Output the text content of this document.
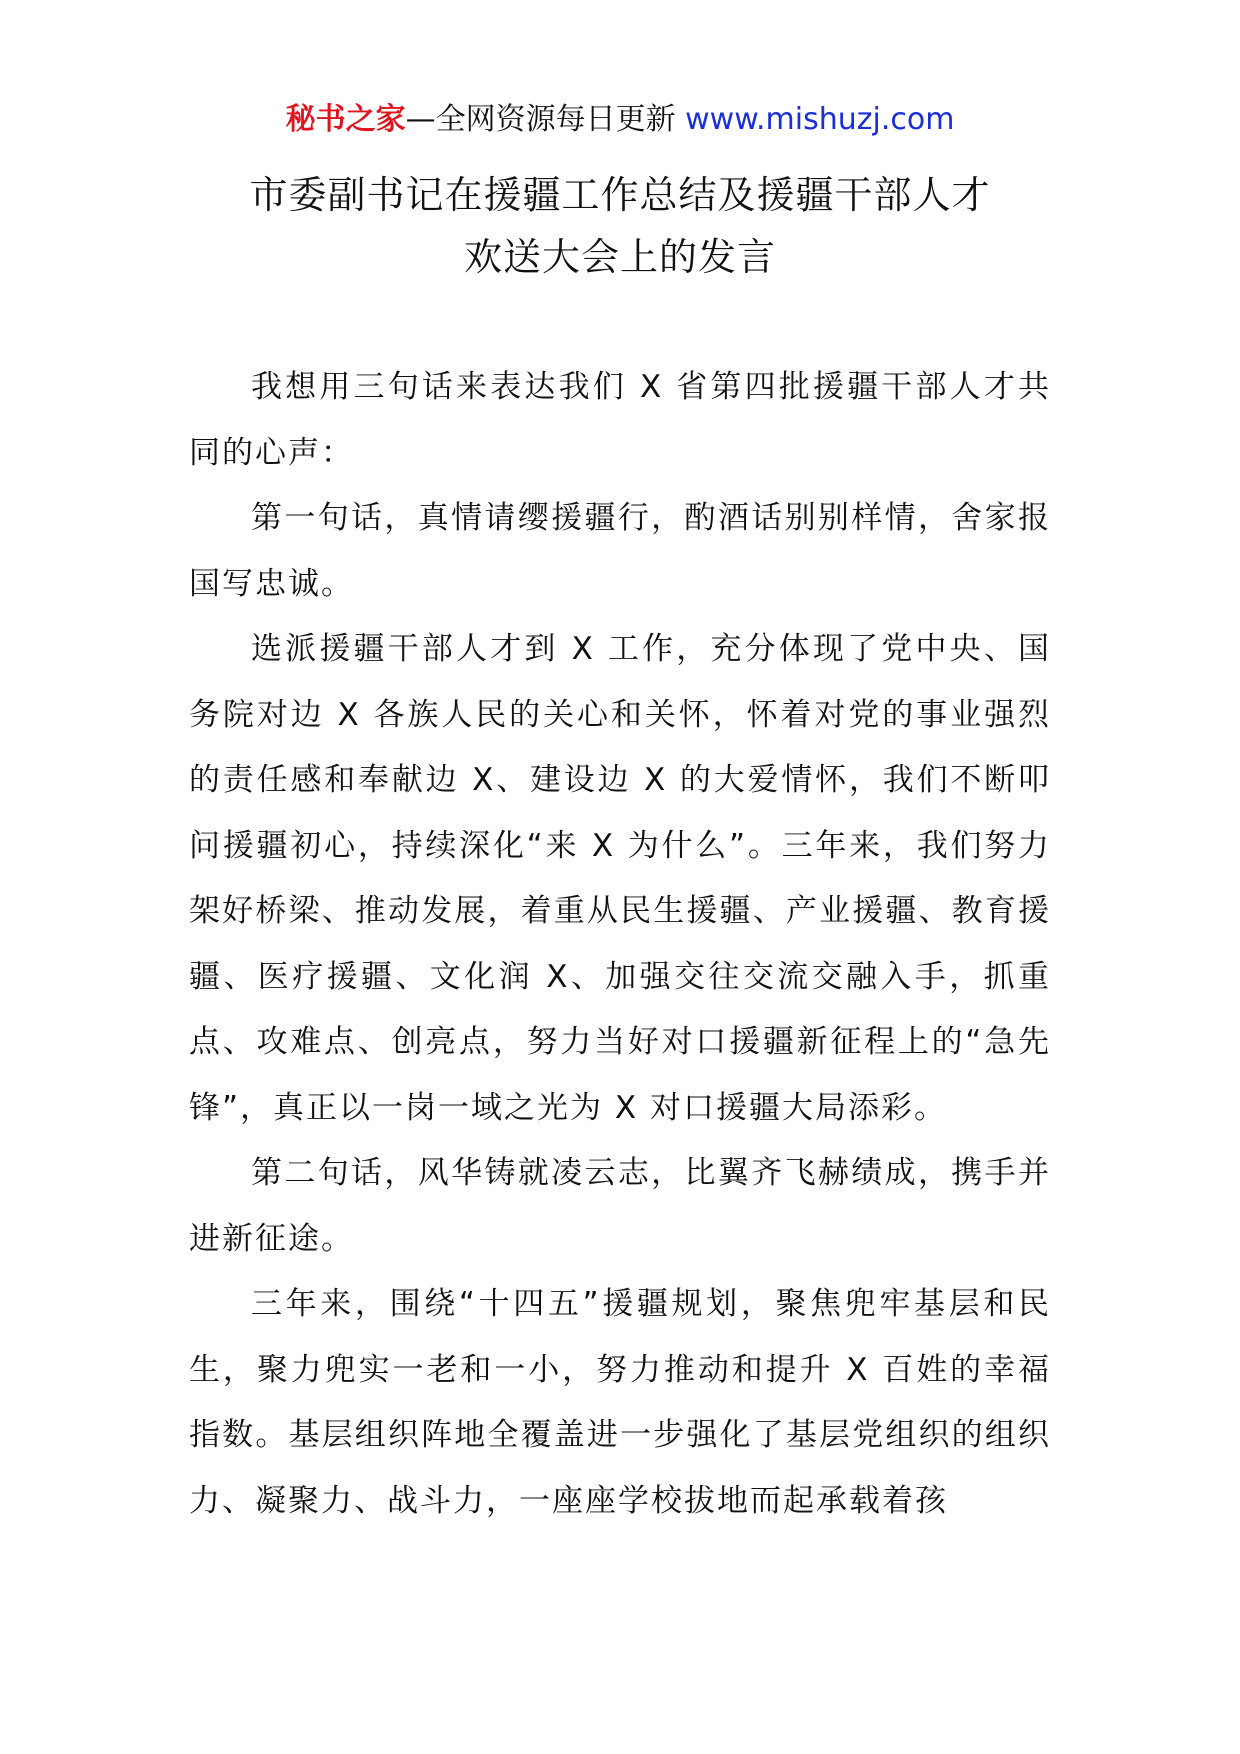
秘书之家—全网资源每日更新 www.mishuzj.com
市委副书记在援疆工作总结及援疆干部人才
欢送大会上的发言

我想用三句话来表达我们 X 省第四批援疆干部人才共同的心声：

第一句话，真情请缨援疆行，酌酒话别别样情，舍家报国写忠诚。

选派援疆干部人才到 X 工作，充分体现了党中央、国务院对边 X 各族人民的关心和关怀，怀着对党的事业强烈的责任感和奉献边 X、建设边 X 的大爱情怀，我们不断叩问援疆初心，持续深化“来 X 为什么”。三年来，我们努力架好桥梁、推动发展，着重从民生援疆、产业援疆、教育援疆、医疗援疆、文化润 X、加强交往交流交融入手，抓重点、攻难点、创亮点，努力当好对口援疆新征程上的“急先锋”，真正以一岗一域之光为 X 对口援疆大局添彩。

第二句话，风华铸就凌云志，比翼齐飞赫绩成，携手并进新征途。

三年来，围绕“十四五”援疆规划，聚焦兜牢基层和民生，聚力兜实一老和一小，努力推动和提升 X 百姓的幸福指数。基层组织阵地全覆盖进一步强化了基层党组织的组织力、凝聚力、战斗力，一座座学校拔地而起承载着孩
